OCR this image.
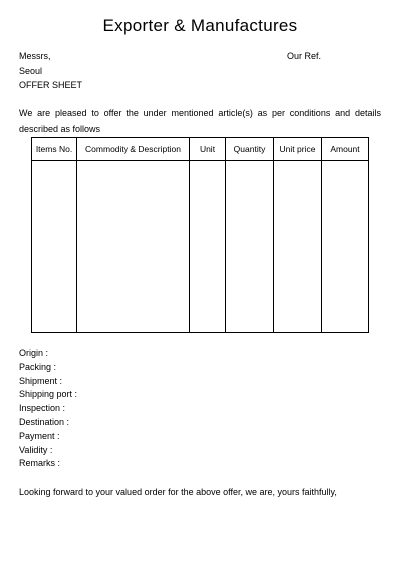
Exporter & Manufactures
Messrs,	Our Ref.
Seoul
OFFER SHEET
We are pleased to offer the under mentioned article(s) as per conditions and details described as follows
Items No.	Commodity & Description	Unit	Quantity	Unit price	Amount

Origin :
Packing :
Shipment :
Shipping port :
Inspection :
Destination :
Payment :
Validity :
Remarks :
Looking forward to your valued order for the above offer, we are, yours faithfully,
